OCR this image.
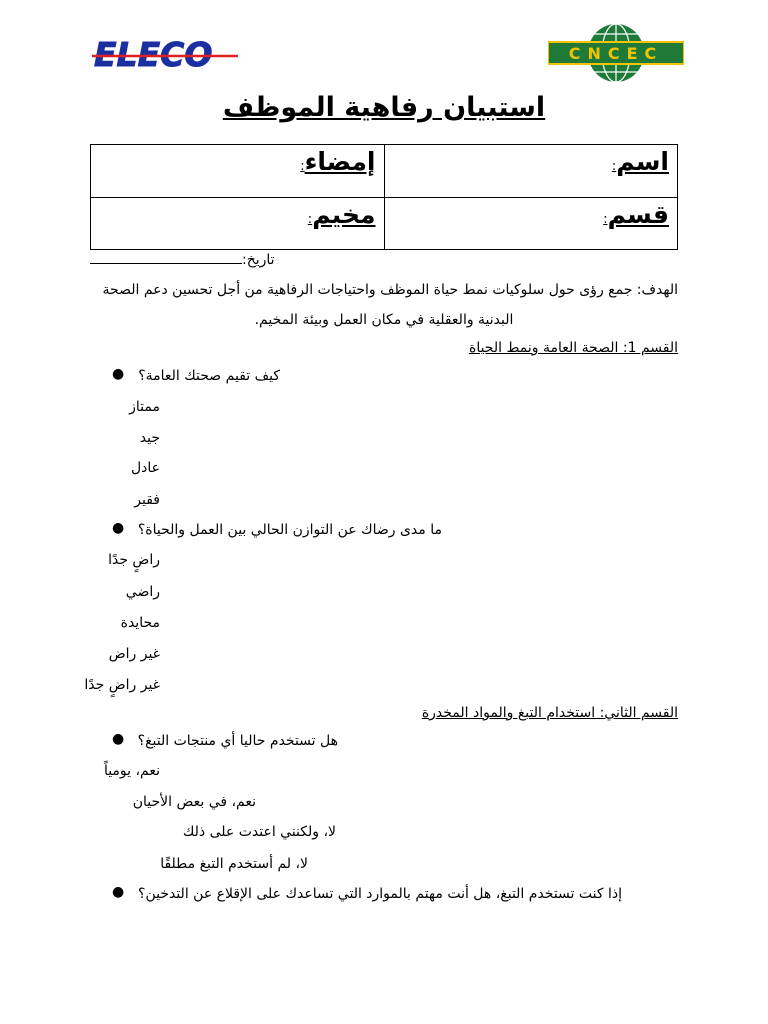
ELECO	CNCEC
استبيان رفاهية الموظف
إمضاء:	اسم:
مخيم:	قسم:
تاريخ:
الهدف: جمع رؤى حول سلوكيات نمط حياة الموظف واحتياجات الرفاهية من أجل تحسين دعم الصحة
البدنية والعقلية في مكان العمل وبيئة المخيم.
القسم 1: الصحة العامة ونمط الحياة
● كيف تقيم صحتك العامة؟
ممتاز
جيد
عادل
فقير
● ما مدى رضاك عن التوازن الحالي بين العمل والحياة؟
راضٍ جدًا
راضي
محايدة
غير راض
غير راضٍ جدًا
القسم الثاني: استخدام التبغ والمواد المخدرة
● هل تستخدم حاليا أي منتجات التبغ؟
نعم، يومياً
نعم، في بعض الأحيان
لا، ولكنني اعتدت على ذلك
لا، لم أستخدم التبغ مطلقًا
● إذا كنت تستخدم التبغ، هل أنت مهتم بالموارد التي تساعدك على الإقلاع عن التدخين؟
